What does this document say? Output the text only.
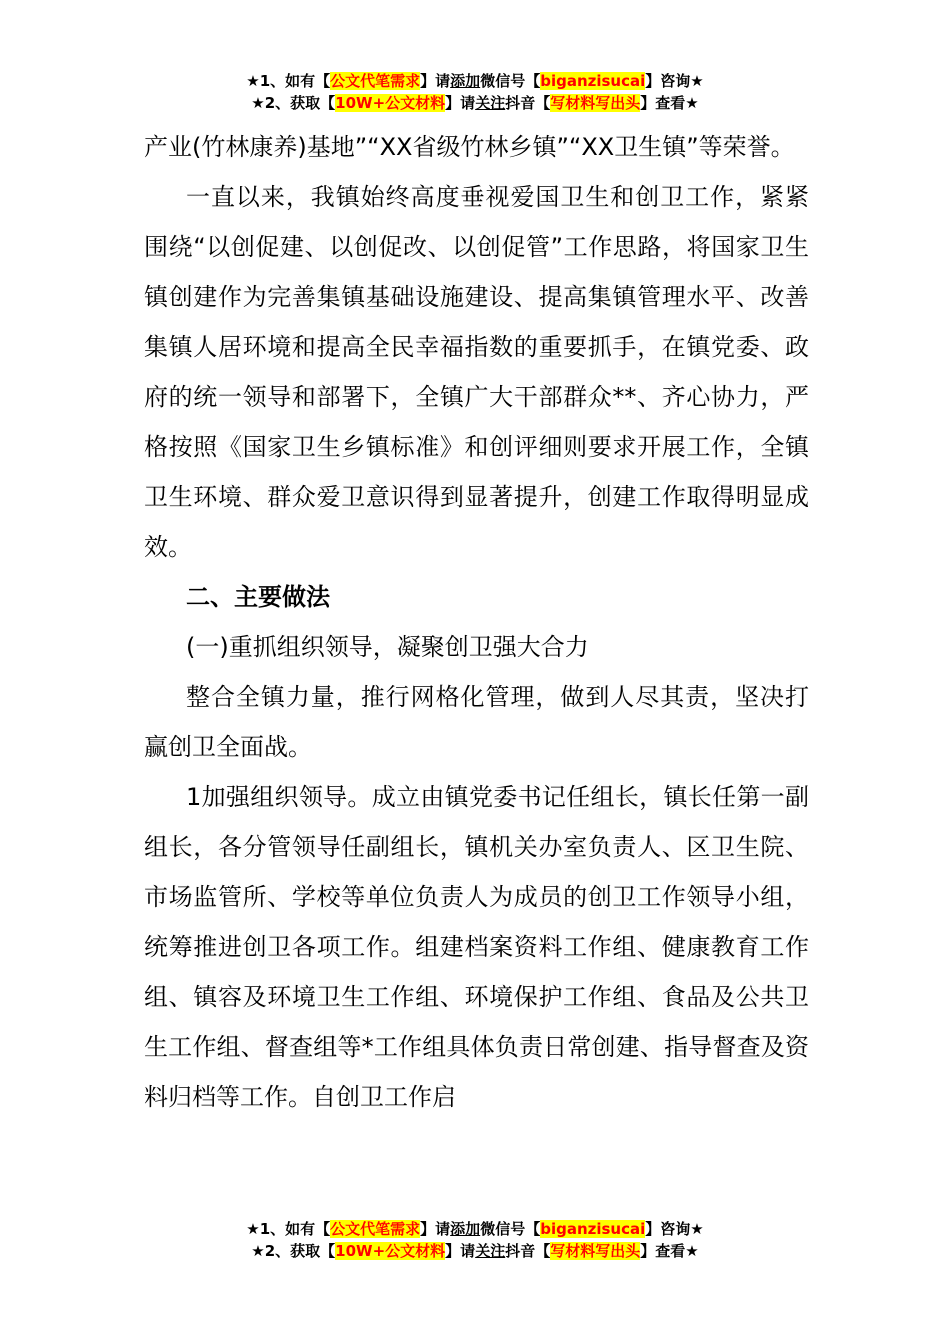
★1、如有【公文代笔需求】请添加微信号【biganzisucai】咨询★
★2、获取【10W+公文材料】请关注抖音【写材料写出头】查看★

产业(竹林康养)基地”“XX省级竹林乡镇”“XX卫生镇”等荣誉。

一直以来，我镇始终高度垂视爱国卫生和创卫工作，紧紧围绕“以创促建、以创促改、以创促管”工作思路，将国家卫生镇创建作为完善集镇基础设施建设、提高集镇管理水平、改善集镇人居环境和提高全民幸福指数的重要抓手，在镇党委、政府的统一领导和部署下，全镇广大干部群众**、齐心协力，严格按照《国家卫生乡镇标准》和创评细则要求开展工作，全镇卫生环境、群众爱卫意识得到显著提升，创建工作取得明显成效。

二、主要做法

(一)重抓组织领导，凝聚创卫强大合力

整合全镇力量，推行网格化管理，做到人尽其责，坚决打赢创卫全面战。

1加强组织领导。成立由镇党委书记任组长，镇长任第一副组长，各分管领导任副组长，镇机关办室负责人、区卫生院、市场监管所、学校等单位负责人为成员的创卫工作领导小组，统筹推进创卫各项工作。组建档案资料工作组、健康教育工作组、镇容及环境卫生工作组、环境保护工作组、食品及公共卫生工作组、督查组等*工作组具体负责日常创建、指导督查及资料归档等工作。自创卫工作启

★1、如有【公文代笔需求】请添加微信号【biganzisucai】咨询★
★2、获取【10W+公文材料】请关注抖音【写材料写出头】查看★
